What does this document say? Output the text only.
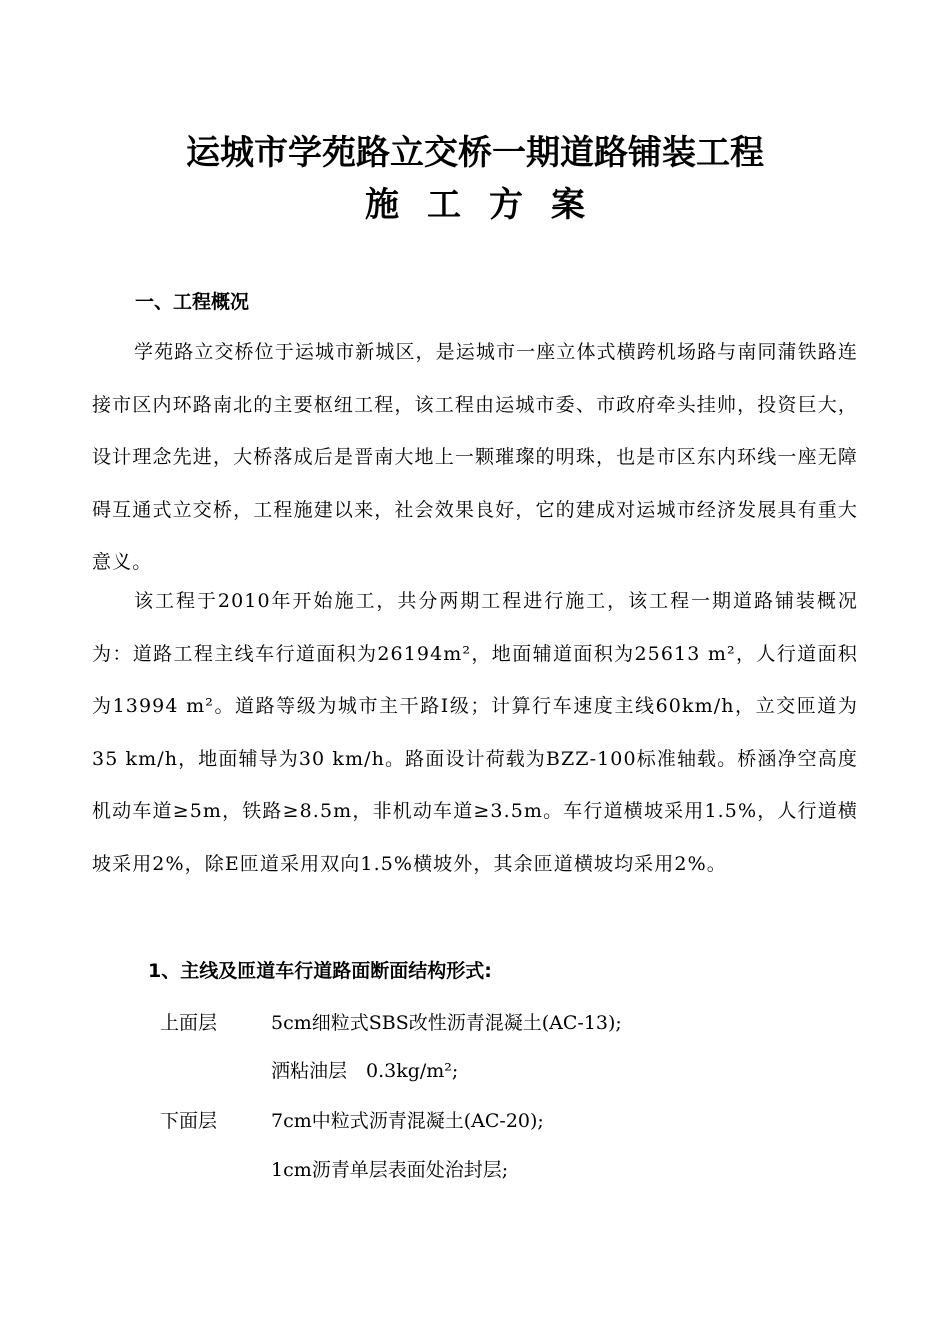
运城市学苑路立交桥一期道路铺装工程
施工方案
一、工程概况
学苑路立交桥位于运城市新城区，是运城市一座立体式横跨机场路与南同蒲铁路连接市区内环路南北的主要枢纽工程，该工程由运城市委、市政府牵头挂帅，投资巨大，设计理念先进，大桥落成后是晋南大地上一颗璀璨的明珠，也是市区东内环线一座无障碍互通式立交桥，工程施建以来，社会效果良好，它的建成对运城市经济发展具有重大意义。
该工程于2010年开始施工，共分两期工程进行施工，该工程一期道路铺装概况为：道路工程主线车行道面积为26194m²，地面辅道面积为25613 m²，人行道面积为13994 m²。道路等级为城市主干路Ⅰ级；计算行车速度主线60km/h，立交匝道为35 km/h，地面辅导为30 km/h。路面设计荷载为BZZ-100标准轴载。桥涵净空高度机动车道≥5m，铁路≥8.5m，非机动车道≥3.5m。车行道横坡采用1.5%，人行道横坡采用2%，除E匝道采用双向1.5%横坡外，其余匝道横坡均采用2%。
1、主线及匝道车行道路面断面结构形式:
上面层	5cm细粒式SBS改性沥青混凝土(AC-13);
洒粘油层　0.3kg/m²;
下面层	7cm中粒式沥青混凝土(AC-20);
1cm沥青单层表面处治封层;
